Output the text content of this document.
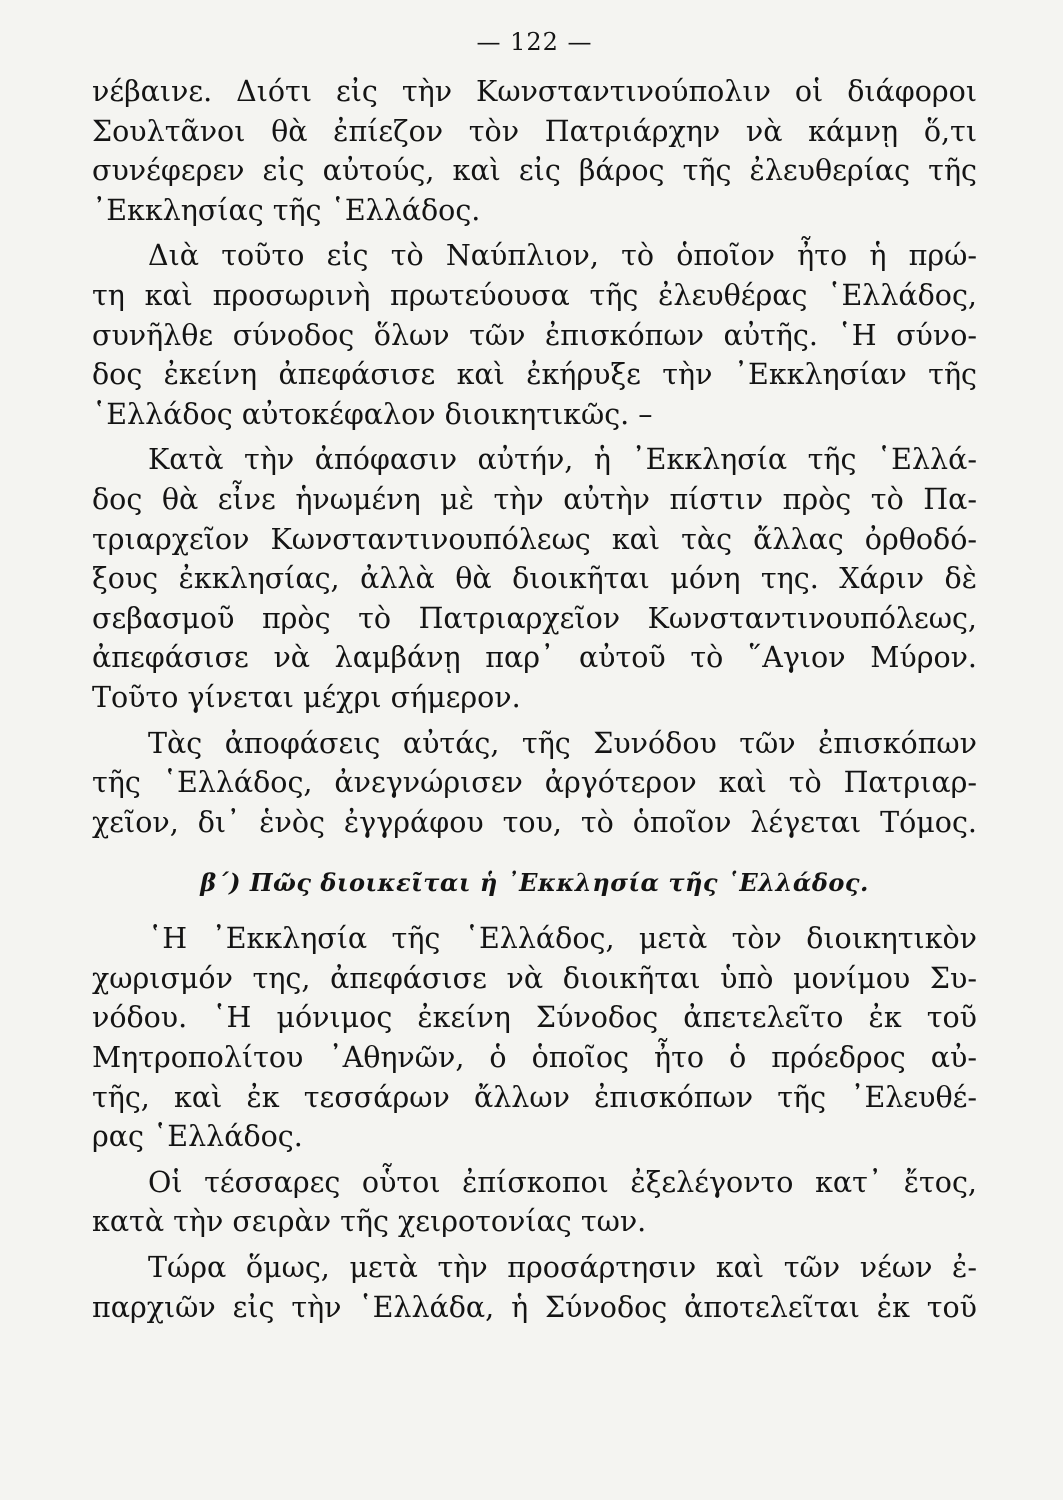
— 122 —
νέβαινε. Διότι εἰς τὴν Κωνσταντινούπολιν οἱ διάφοροι
Σουλτᾶνοι θὰ ἐπίεζον τὸν Πατριάρχην νὰ κάμνῃ ὅ,τι
συνέφερεν εἰς αὐτούς, καὶ εἰς βάρος τῆς ἐλευθερίας τῆς
᾿Εκκλησίας τῆς ῾Ελλάδος.
Διὰ τοῦτο εἰς τὸ Ναύπλιον, τὸ ὁποῖον ἦτο ἡ πρώ-
τη καὶ προσωρινὴ πρωτεύουσα τῆς ἐλευθέρας ῾Ελλάδος,
συνῆλθε σύνοδος ὅλων τῶν ἐπισκόπων αὐτῆς. ῾Η σύνο-
δος ἐκείνη ἀπεφάσισε καὶ ἐκήρυξε τὴν ᾿Εκκλησίαν τῆς
῾Ελλάδος αὐτοκέφαλον διοικητικῶς. –
Κατὰ τὴν ἀπόφασιν αὐτήν, ἡ ᾿Εκκλησία τῆς ῾Ελλά-
δος θὰ εἶνε ἡνωμένη μὲ τὴν αὐτὴν πίστιν πρὸς τὸ Πα-
τριαρχεῖον Κωνσταντινουπόλεως καὶ τὰς ἄλλας ὀρθοδό-
ξους ἐκκλησίας, ἀλλὰ θὰ διοικῆται μόνη της. Χάριν δὲ
σεβασμοῦ πρὸς τὸ Πατριαρχεῖον Κωνσταντινουπόλεως,
ἀπεφάσισε νὰ λαμβάνῃ παρ᾿ αὐτοῦ τὸ ῞Αγιον Μύρον.
Τοῦτο γίνεται μέχρι σήμερον.
Τὰς ἀποφάσεις αὐτάς, τῆς Συνόδου τῶν ἐπισκόπων
τῆς ῾Ελλάδος, ἀνεγνώρισεν ἀργότερον καὶ τὸ Πατριαρ-
χεῖον, δι᾿ ἑνὸς ἐγγράφου του, τὸ ὁποῖον λέγεται Τόμος.
β΄) Πῶς διοικεῖται ἡ ᾿Εκκλησία τῆς ῾Ελλάδος.
῾Η ᾿Εκκλησία τῆς ῾Ελλάδος, μετὰ τὸν διοικητικὸν
χωρισμόν της, ἀπεφάσισε νὰ διοικῆται ὑπὸ μονίμου Συ-
νόδου. ῾Η μόνιμος ἐκείνη Σύνοδος ἀπετελεῖτο ἐκ τοῦ
Μητροπολίτου ᾿Αθηνῶν, ὁ ὁποῖος ἦτο ὁ πρόεδρος αὐ-
τῆς, καὶ ἐκ τεσσάρων ἄλλων ἐπισκόπων τῆς ᾿Ελευθέ-
ρας ῾Ελλάδος.
Οἱ τέσσαρες οὗτοι ἐπίσκοποι ἐξελέγοντο κατ᾿ ἔτος,
κατὰ τὴν σειρὰν τῆς χειροτονίας των.
Τώρα ὅμως, μετὰ τὴν προσάρτησιν καὶ τῶν νέων ἐ-
παρχιῶν εἰς τὴν ῾Ελλάδα, ἡ Σύνοδος ἀποτελεῖται ἐκ τοῦ
